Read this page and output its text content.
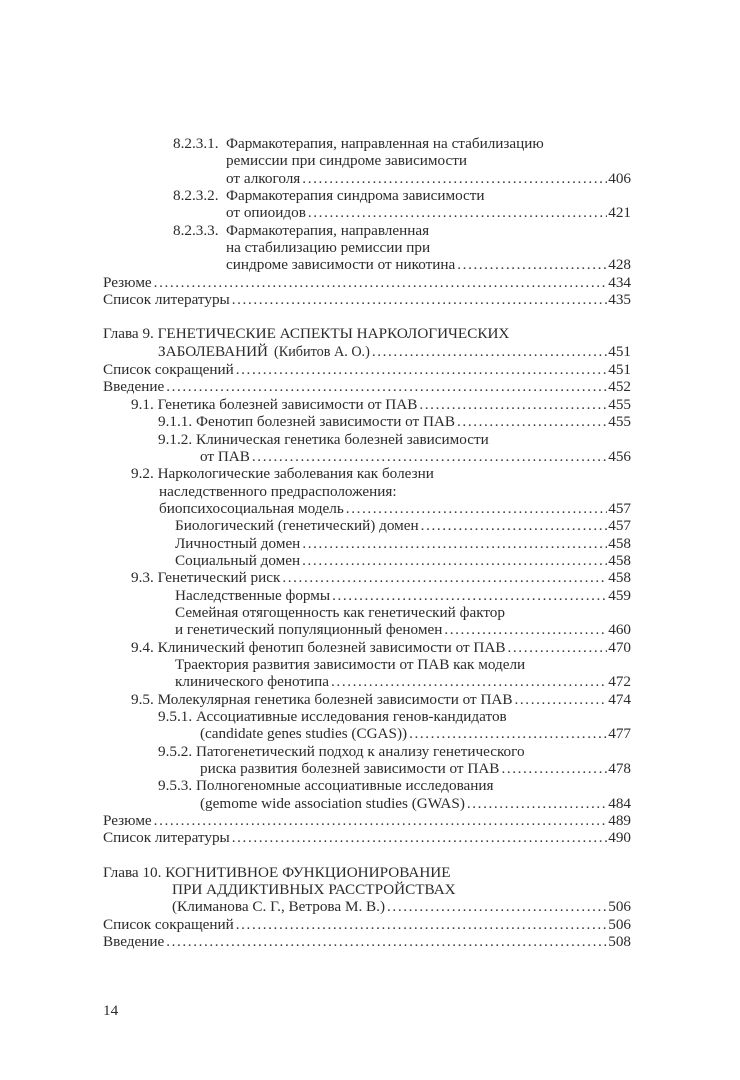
8.2.3.1. Фармакотерапия, направленная на стабилизацию
ремиссии при синдроме зависимости
от алкоголя .....	406
8.2.3.2. Фармакотерапия синдрома зависимости
от опиоидов .....	421
8.2.3.3. Фармакотерапия, направленная
на стабилизацию ремиссии при
синдроме зависимости от никотина .....	428
Резюме .....	434
Список литературы .....	435
Глава 9. ГЕНЕТИЧЕСКИЕ АСПЕКТЫ НАРКОЛОГИЧЕСКИХ
ЗАБОЛЕВАНИЙ (Кибитов А. О.) .....	451
Список сокращений .....	451
Введение .....	452
9.1. Генетика болезней зависимости от ПАВ .....	455
9.1.1. Фенотип болезней зависимости от ПАВ .....	455
9.1.2. Клиническая генетика болезней зависимости
от ПАВ .....	456
9.2. Наркологические заболевания как болезни
наследственного предрасположения:
биопсихосоциальная модель .....	457
Биологический (генетический) домен .....	457
Личностный домен .....	458
Социальный домен .....	458
9.3. Генетический риск .....	458
Наследственные формы .....	459
Семейная отягощенность как генетический фактор
и генетический популяционный феномен .....	460
9.4. Клинический фенотип болезней зависимости от ПАВ .....	470
Траектория развития зависимости от ПАВ как модели
клинического фенотипа .....	472
9.5. Молекулярная генетика болезней зависимости от ПАВ .....	474
9.5.1. Ассоциативные исследования генов-кандидатов
(candidate genes studies (CGAS)) .....	477
9.5.2. Патогенетический подход к анализу генетического
риска развития болезней зависимости от ПАВ .....	478
9.5.3. Полногеномные ассоциативные исследования
(gemome wide association studies (GWAS) .....	484
Резюме .....	489
Список литературы .....	490
Глава 10. КОГНИТИВНОЕ ФУНКЦИОНИРОВАНИЕ
ПРИ АДДИКТИВНЫХ РАССТРОЙСТВАХ
(Климанова С. Г., Ветрова М. В.) .....	506
Список сокращений .....	506
Введение .....	508
14
